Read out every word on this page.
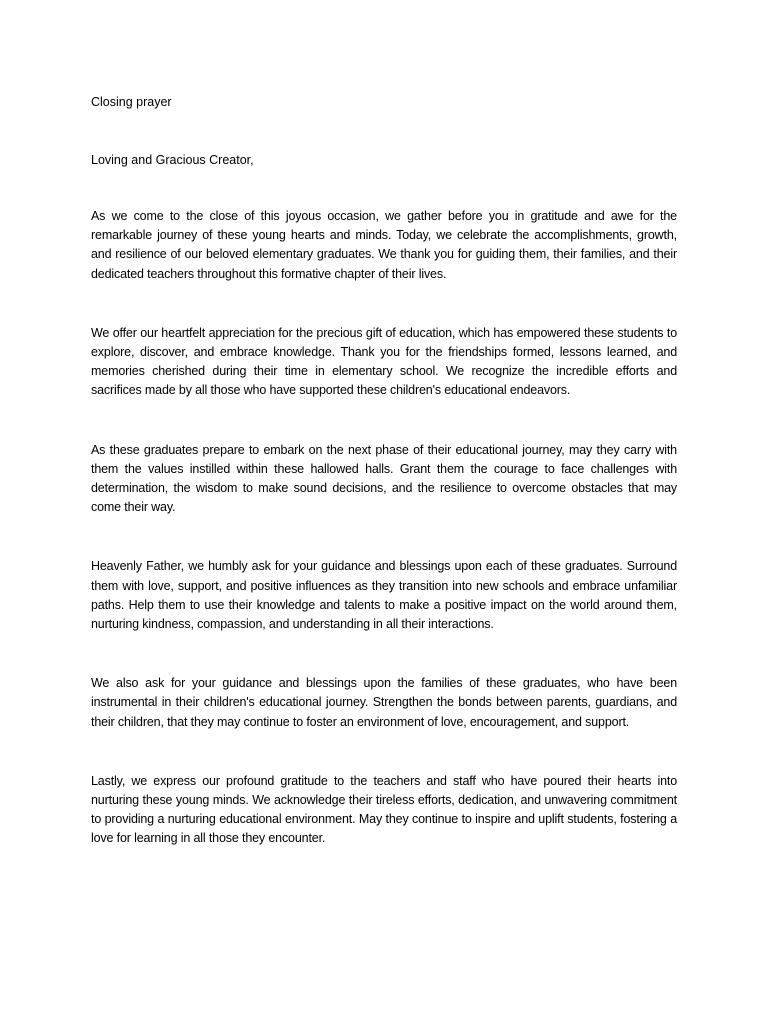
Closing prayer

Loving and Gracious Creator,

As we come to the close of this joyous occasion, we gather before you in gratitude and awe for the remarkable journey of these young hearts and minds. Today, we celebrate the accomplishments, growth, and resilience of our beloved elementary graduates. We thank you for guiding them, their families, and their dedicated teachers throughout this formative chapter of their lives.

We offer our heartfelt appreciation for the precious gift of education, which has empowered these students to explore, discover, and embrace knowledge. Thank you for the friendships formed, lessons learned, and memories cherished during their time in elementary school. We recognize the incredible efforts and sacrifices made by all those who have supported these children's educational endeavors.

As these graduates prepare to embark on the next phase of their educational journey, may they carry with them the values instilled within these hallowed halls. Grant them the courage to face challenges with determination, the wisdom to make sound decisions, and the resilience to overcome obstacles that may come their way.

Heavenly Father, we humbly ask for your guidance and blessings upon each of these graduates. Surround them with love, support, and positive influences as they transition into new schools and embrace unfamiliar paths. Help them to use their knowledge and talents to make a positive impact on the world around them, nurturing kindness, compassion, and understanding in all their interactions.

We also ask for your guidance and blessings upon the families of these graduates, who have been instrumental in their children's educational journey. Strengthen the bonds between parents, guardians, and their children, that they may continue to foster an environment of love, encouragement, and support.

Lastly, we express our profound gratitude to the teachers and staff who have poured their hearts into nurturing these young minds. We acknowledge their tireless efforts, dedication, and unwavering commitment to providing a nurturing educational environment. May they continue to inspire and uplift students, fostering a love for learning in all those they encounter.
